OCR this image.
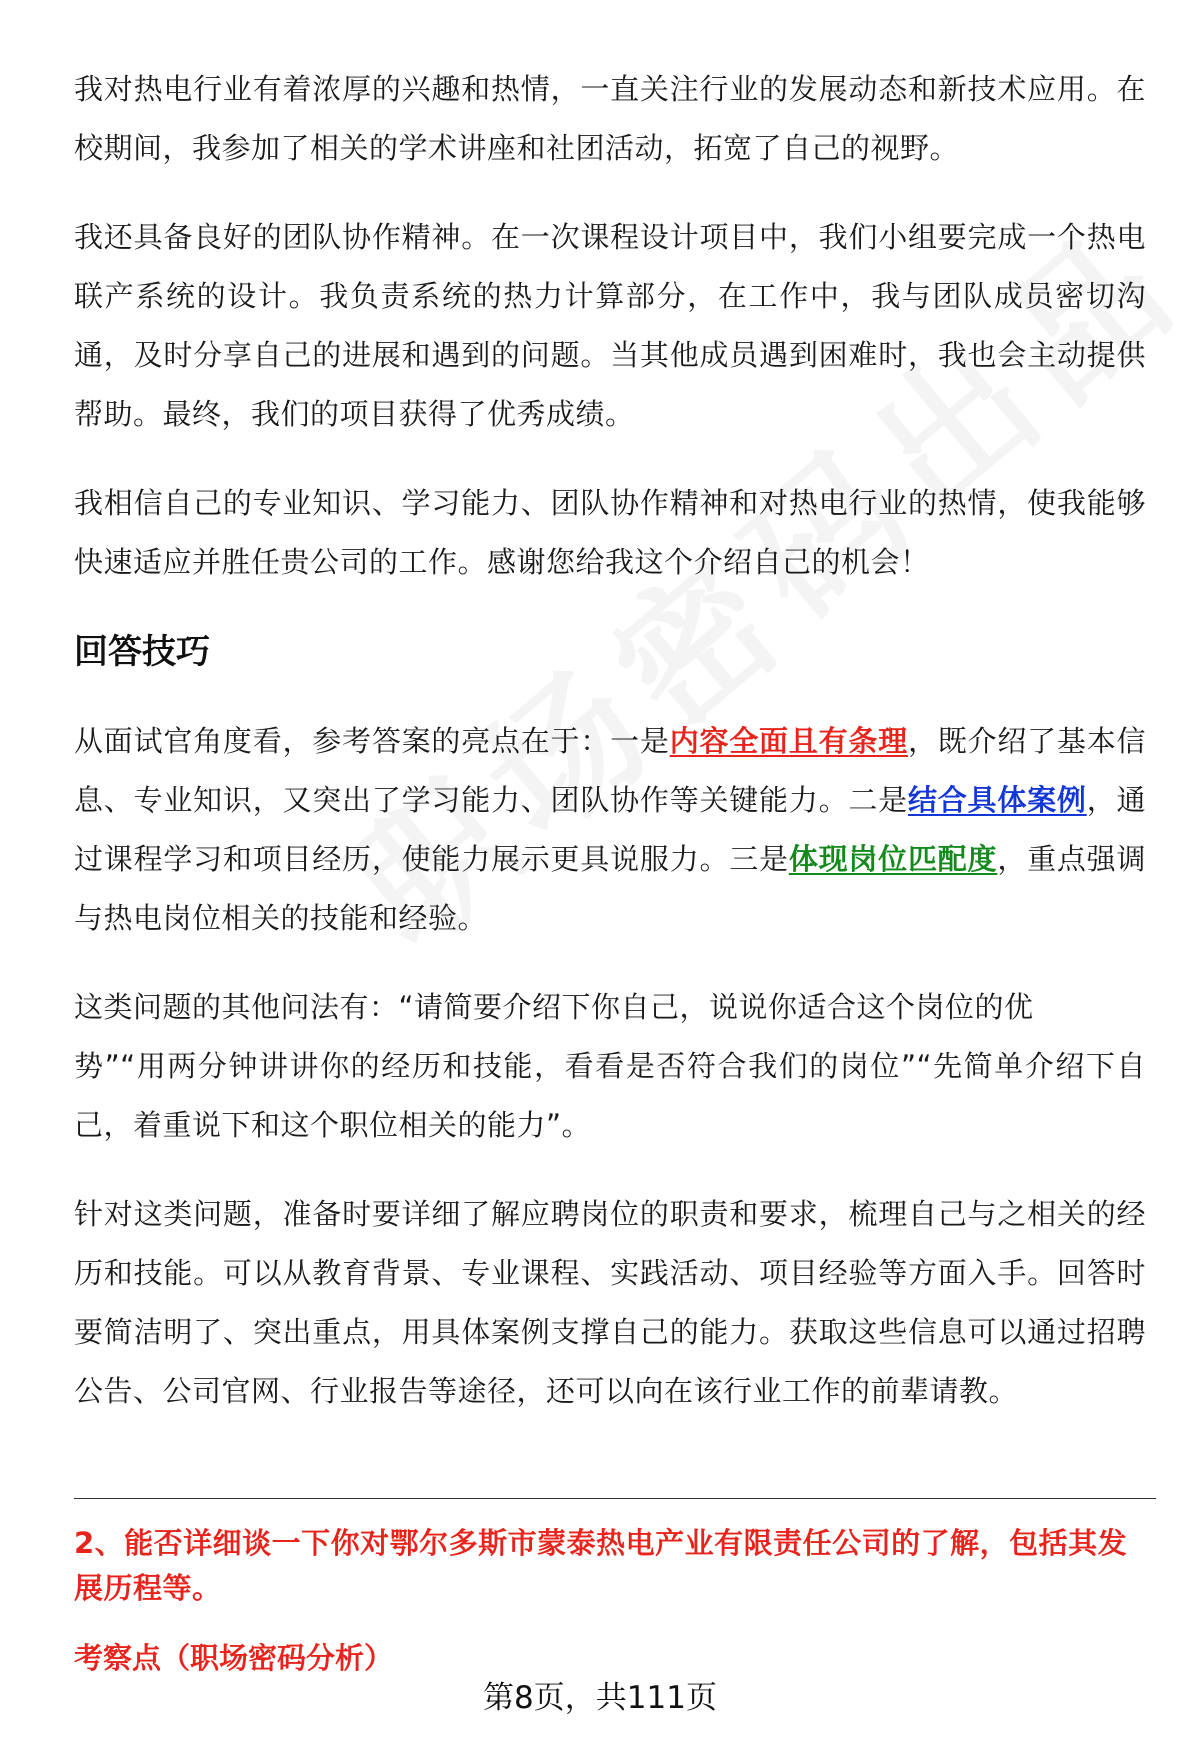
我对热电行业有着浓厚的兴趣和热情，一直关注行业的发展动态和新技术应用。在校期间，我参加了相关的学术讲座和社团活动，拓宽了自己的视野。

我还具备良好的团队协作精神。在一次课程设计项目中，我们小组要完成一个热电联产系统的设计。我负责系统的热力计算部分，在工作中，我与团队成员密切沟通，及时分享自己的进展和遇到的问题。当其他成员遇到困难时，我也会主动提供帮助。最终，我们的项目获得了优秀成绩。

我相信自己的专业知识、学习能力、团队协作精神和对热电行业的热情，使我能够快速适应并胜任贵公司的工作。感谢您给我这个介绍自己的机会！

回答技巧

从面试官角度看，参考答案的亮点在于：一是内容全面且有条理，既介绍了基本信息、专业知识，又突出了学习能力、团队协作等关键能力。二是结合具体案例，通过课程学习和项目经历，使能力展示更具说服力。三是体现岗位匹配度，重点强调与热电岗位相关的技能和经验。

这类问题的其他问法有：“请简要介绍下你自己，说说你适合这个岗位的优
势”“用两分钟讲讲你的经历和技能，看看是否符合我们的岗位”“先简单介绍下自己，着重说下和这个职位相关的能力”。

针对这类问题，准备时要详细了解应聘岗位的职责和要求，梳理自己与之相关的经历和技能。可以从教育背景、专业课程、实践活动、项目经验等方面入手。回答时要简洁明了、突出重点，用具体案例支撑自己的能力。获取这些信息可以通过招聘公告、公司官网、行业报告等途径，还可以向在该行业工作的前辈请教。

2、能否详细谈一下你对鄂尔多斯市蒙泰热电产业有限责任公司的了解，包括其发展历程等。
考察点（职场密码分析）
第8页，共111页
